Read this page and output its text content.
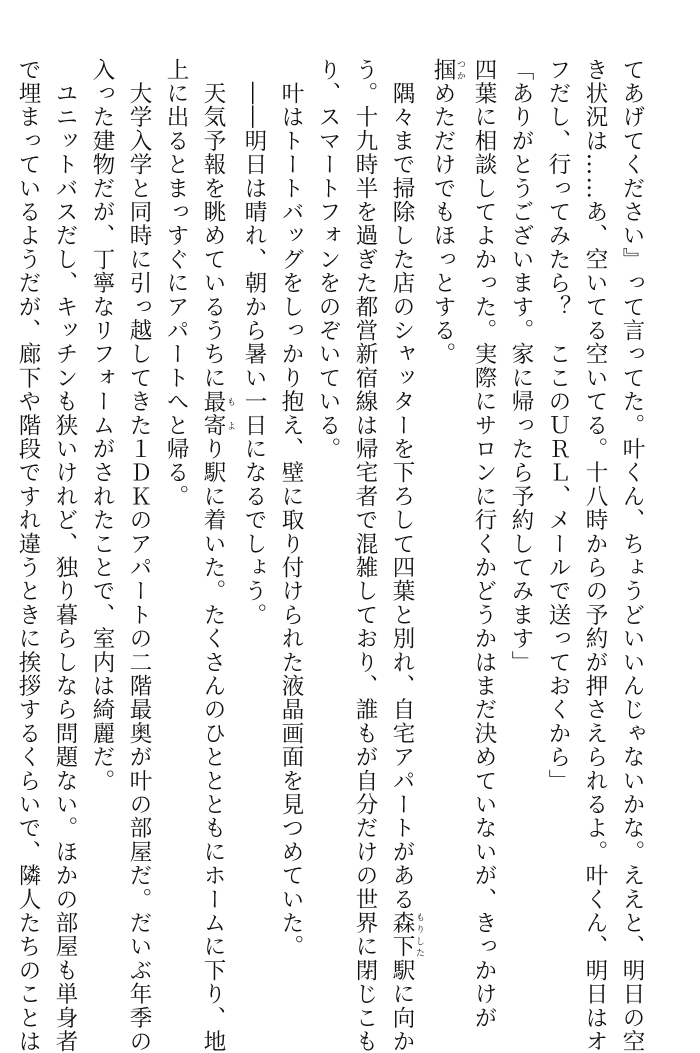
てあげてください』って言ってた。叶くん、ちょうどいいんじゃないかな。ええと、明日の空
き状況は……あ、空いてる空いてる。十八時からの予約が押さえられるよ。叶くん、明日はオ
フだし、行ってみたら？　ここのＵＲＬ、メールで送っておくから」
「ありがとうございます。家に帰ったら予約してみます」
四葉に相談してよかった。実際にサロンに行くかどうかはまだ決めていないが、きっかけが
掴 つかめただけでもほっとする。
　隅々まで掃除した店のシャッターを下ろして四葉と別れ、自宅アパートがある森下 もりした駅に向か
う。十九時半を過ぎた都営新宿線は帰宅者で混雑しており、誰もが自分だけの世界に閉じこも
り、スマートフォンをのぞいている。
　叶はトートバッグをしっかり抱え、壁に取り付けられた液晶画面を見つめていた。
　――明日は晴れ、朝から暑い一日になるでしょう。
　天気予報を眺めているうちに最寄 もより駅に着いた。たくさんのひととともにホームに下り、地
上に出るとまっすぐにアパートへと帰る。
　大学入学と同時に引っ越してきた１ＤＫのアパートの二階最奥が叶の部屋だ。だいぶ年季の
入った建物だが、丁寧なリフォームがされたことで、室内は綺麗だ。
　ユニットバスだし、キッチンも狭いけれど、独り暮らしなら問題ない。ほかの部屋も単身者
で埋まっているようだが、廊下や階段ですれ違うときに挨拶するくらいで、隣人たちのことは
